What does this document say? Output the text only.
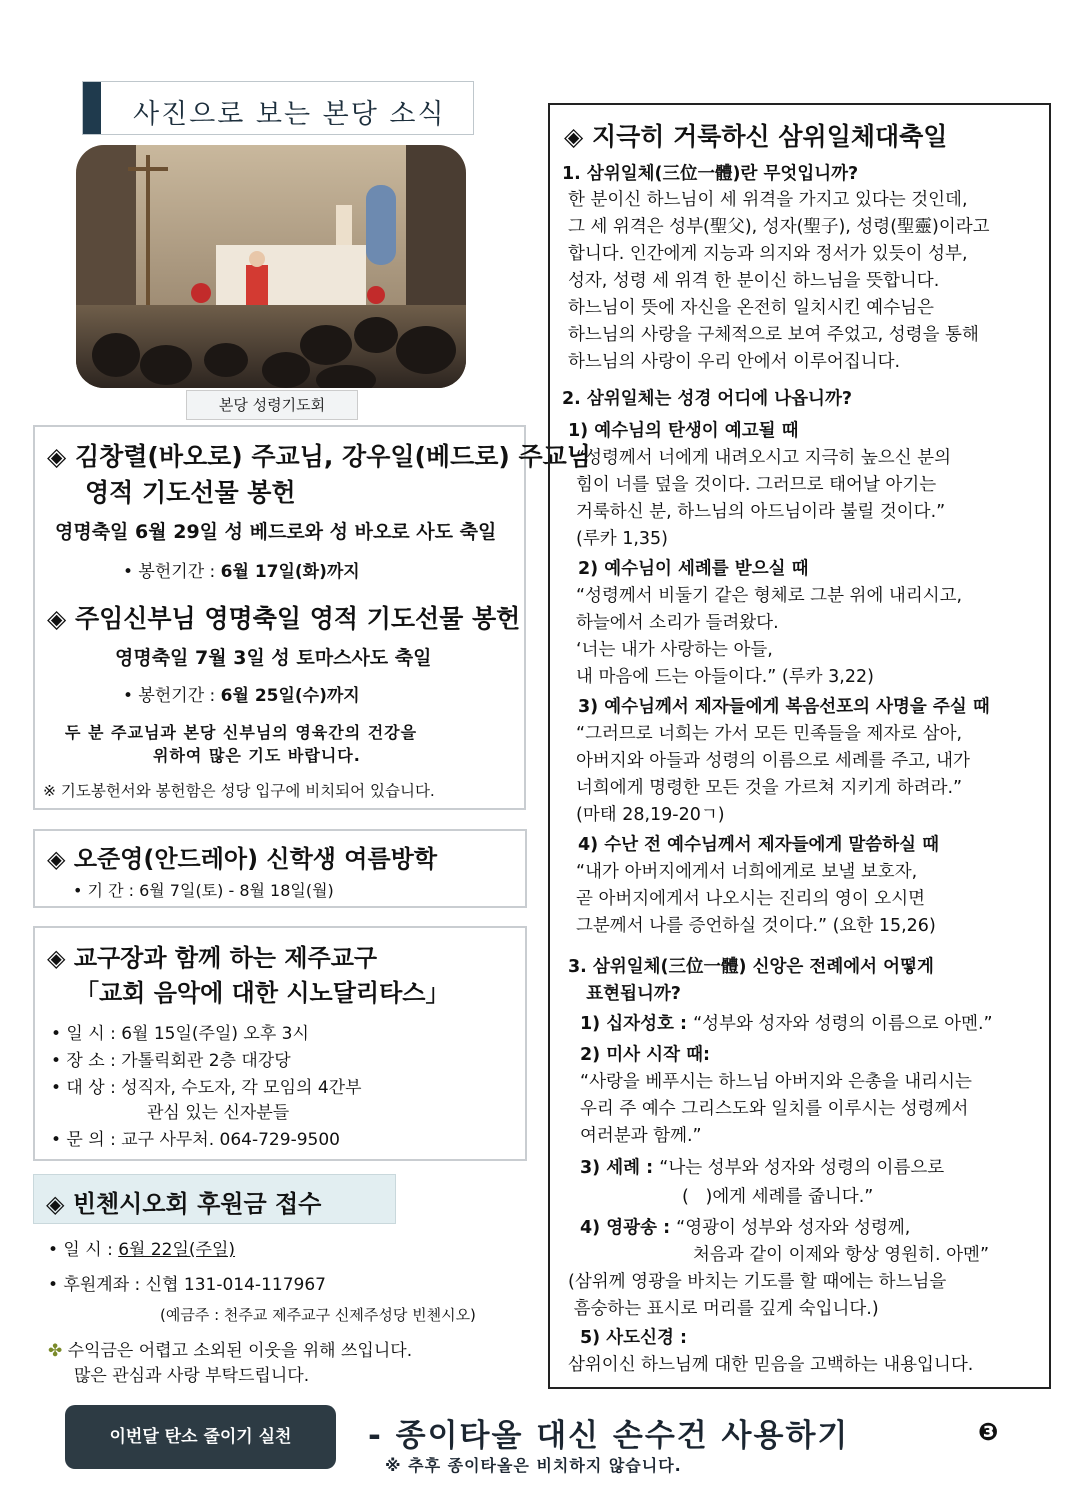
사진으로 보는 본당 소식
본당 성령기도회
◈ 김창렬(바오로) 주교님, 강우일(베드로) 주교님
영적 기도선물 봉헌
영명축일 6월 29일 성 베드로와 성 바오로 사도 축일
• 봉헌기간 : 6월 17일(화)까지
◈ 주임신부님 영명축일 영적 기도선물 봉헌
영명축일 7월 3일 성 토마스사도 축일
• 봉헌기간 : 6월 25일(수)까지
두 분 주교님과 본당 신부님의 영육간의 건강을
위하여 많은 기도 바랍니다.
※ 기도봉헌서와 봉헌함은 성당 입구에 비치되어 있습니다.
◈ 오준영(안드레아) 신학생 여름방학
• 기 간 : 6월 7일(토) - 8월 18일(월)
◈ 교구장과 함께 하는 제주교구
「교회 음악에 대한 시노달리타스」
• 일 시 : 6월 15일(주일) 오후 3시
• 장 소 : 가톨릭회관 2층 대강당
• 대 상 : 성직자, 수도자, 각 모임의 4간부
관심 있는 신자분들
• 문 의 : 교구 사무처. 064-729-9500
◈ 빈첸시오회 후원금 접수
• 일 시 : 6월 22일(주일)
• 후원계좌 : 신협 131-014-117967
(예금주 : 천주교 제주교구 신제주성당 빈첸시오)
✤ 수익금은 어렵고 소외된 이웃을 위해 쓰입니다.
많은 관심과 사랑 부탁드립니다.
◈ 지극히 거룩하신 삼위일체대축일
1. 삼위일체(三位一體)란 무엇입니까?
한 분이신 하느님이 세 위격을 가지고 있다는 것인데,
그 세 위격은 성부(聖父), 성자(聖子), 성령(聖靈)이라고
합니다. 인간에게 지능과 의지와 정서가 있듯이 성부,
성자, 성령 세 위격 한 분이신 하느님을 뜻합니다.
하느님이 뜻에 자신을 온전히 일치시킨 예수님은
하느님의 사랑을 구체적으로 보여 주었고, 성령을 통해
하느님의 사랑이 우리 안에서 이루어집니다.
2. 삼위일체는 성경 어디에 나옵니까?
1) 예수님의 탄생이 예고될 때
“성령께서 너에게 내려오시고 지극히 높으신 분의
힘이 너를 덮을 것이다. 그러므로 태어날 아기는
거룩하신 분, 하느님의 아드님이라 불릴 것이다.”
(루카 1,35)
2) 예수님이 세례를 받으실 때
“성령께서 비둘기 같은 형체로 그분 위에 내리시고,
하늘에서 소리가 들려왔다.
‘너는 내가 사랑하는 아들,
내 마음에 드는 아들이다.” (루카 3,22)
3) 예수님께서 제자들에게 복음선포의 사명을 주실 때
“그러므로 너희는 가서 모든 민족들을 제자로 삼아,
아버지와 아들과 성령의 이름으로 세례를 주고, 내가
너희에게 명령한 모든 것을 가르쳐 지키게 하려라.”
(마태 28,19-20ㄱ)
4) 수난 전 예수님께서 제자들에게 말씀하실 때
“내가 아버지에게서 너희에게로 보낼 보호자,
곧 아버지에게서 나오시는 진리의 영이 오시면
그분께서 나를 증언하실 것이다.” (요한 15,26)
3. 삼위일체(三位一體) 신앙은 전례에서 어떻게
표현됩니까?
1) 십자성호 : “성부와 성자와 성령의 이름으로 아멘.”
2) 미사 시작 때:
“사랑을 베푸시는 하느님 아버지와 은총을 내리시는
우리 주 예수 그리스도와 일치를 이루시는 성령께서
여러분과 함께.”
3) 세례 : “나는 성부와 성자와 성령의 이름으로
(   )에게 세례를 줍니다.”
4) 영광송 : “영광이 성부와 성자와 성령께,
처음과 같이 이제와 항상 영원히. 아멘”
(삼위께 영광을 바치는 기도를 할 때에는 하느님을
흠숭하는 표시로 머리를 깊게 숙입니다.)
5) 사도신경 :
삼위이신 하느님께 대한 믿음을 고백하는 내용입니다.
이번달 탄소 줄이기 실천	- 종이타올 대신 손수건 사용하기
※ 추후 종이타올은 비치하지 않습니다.
❸
